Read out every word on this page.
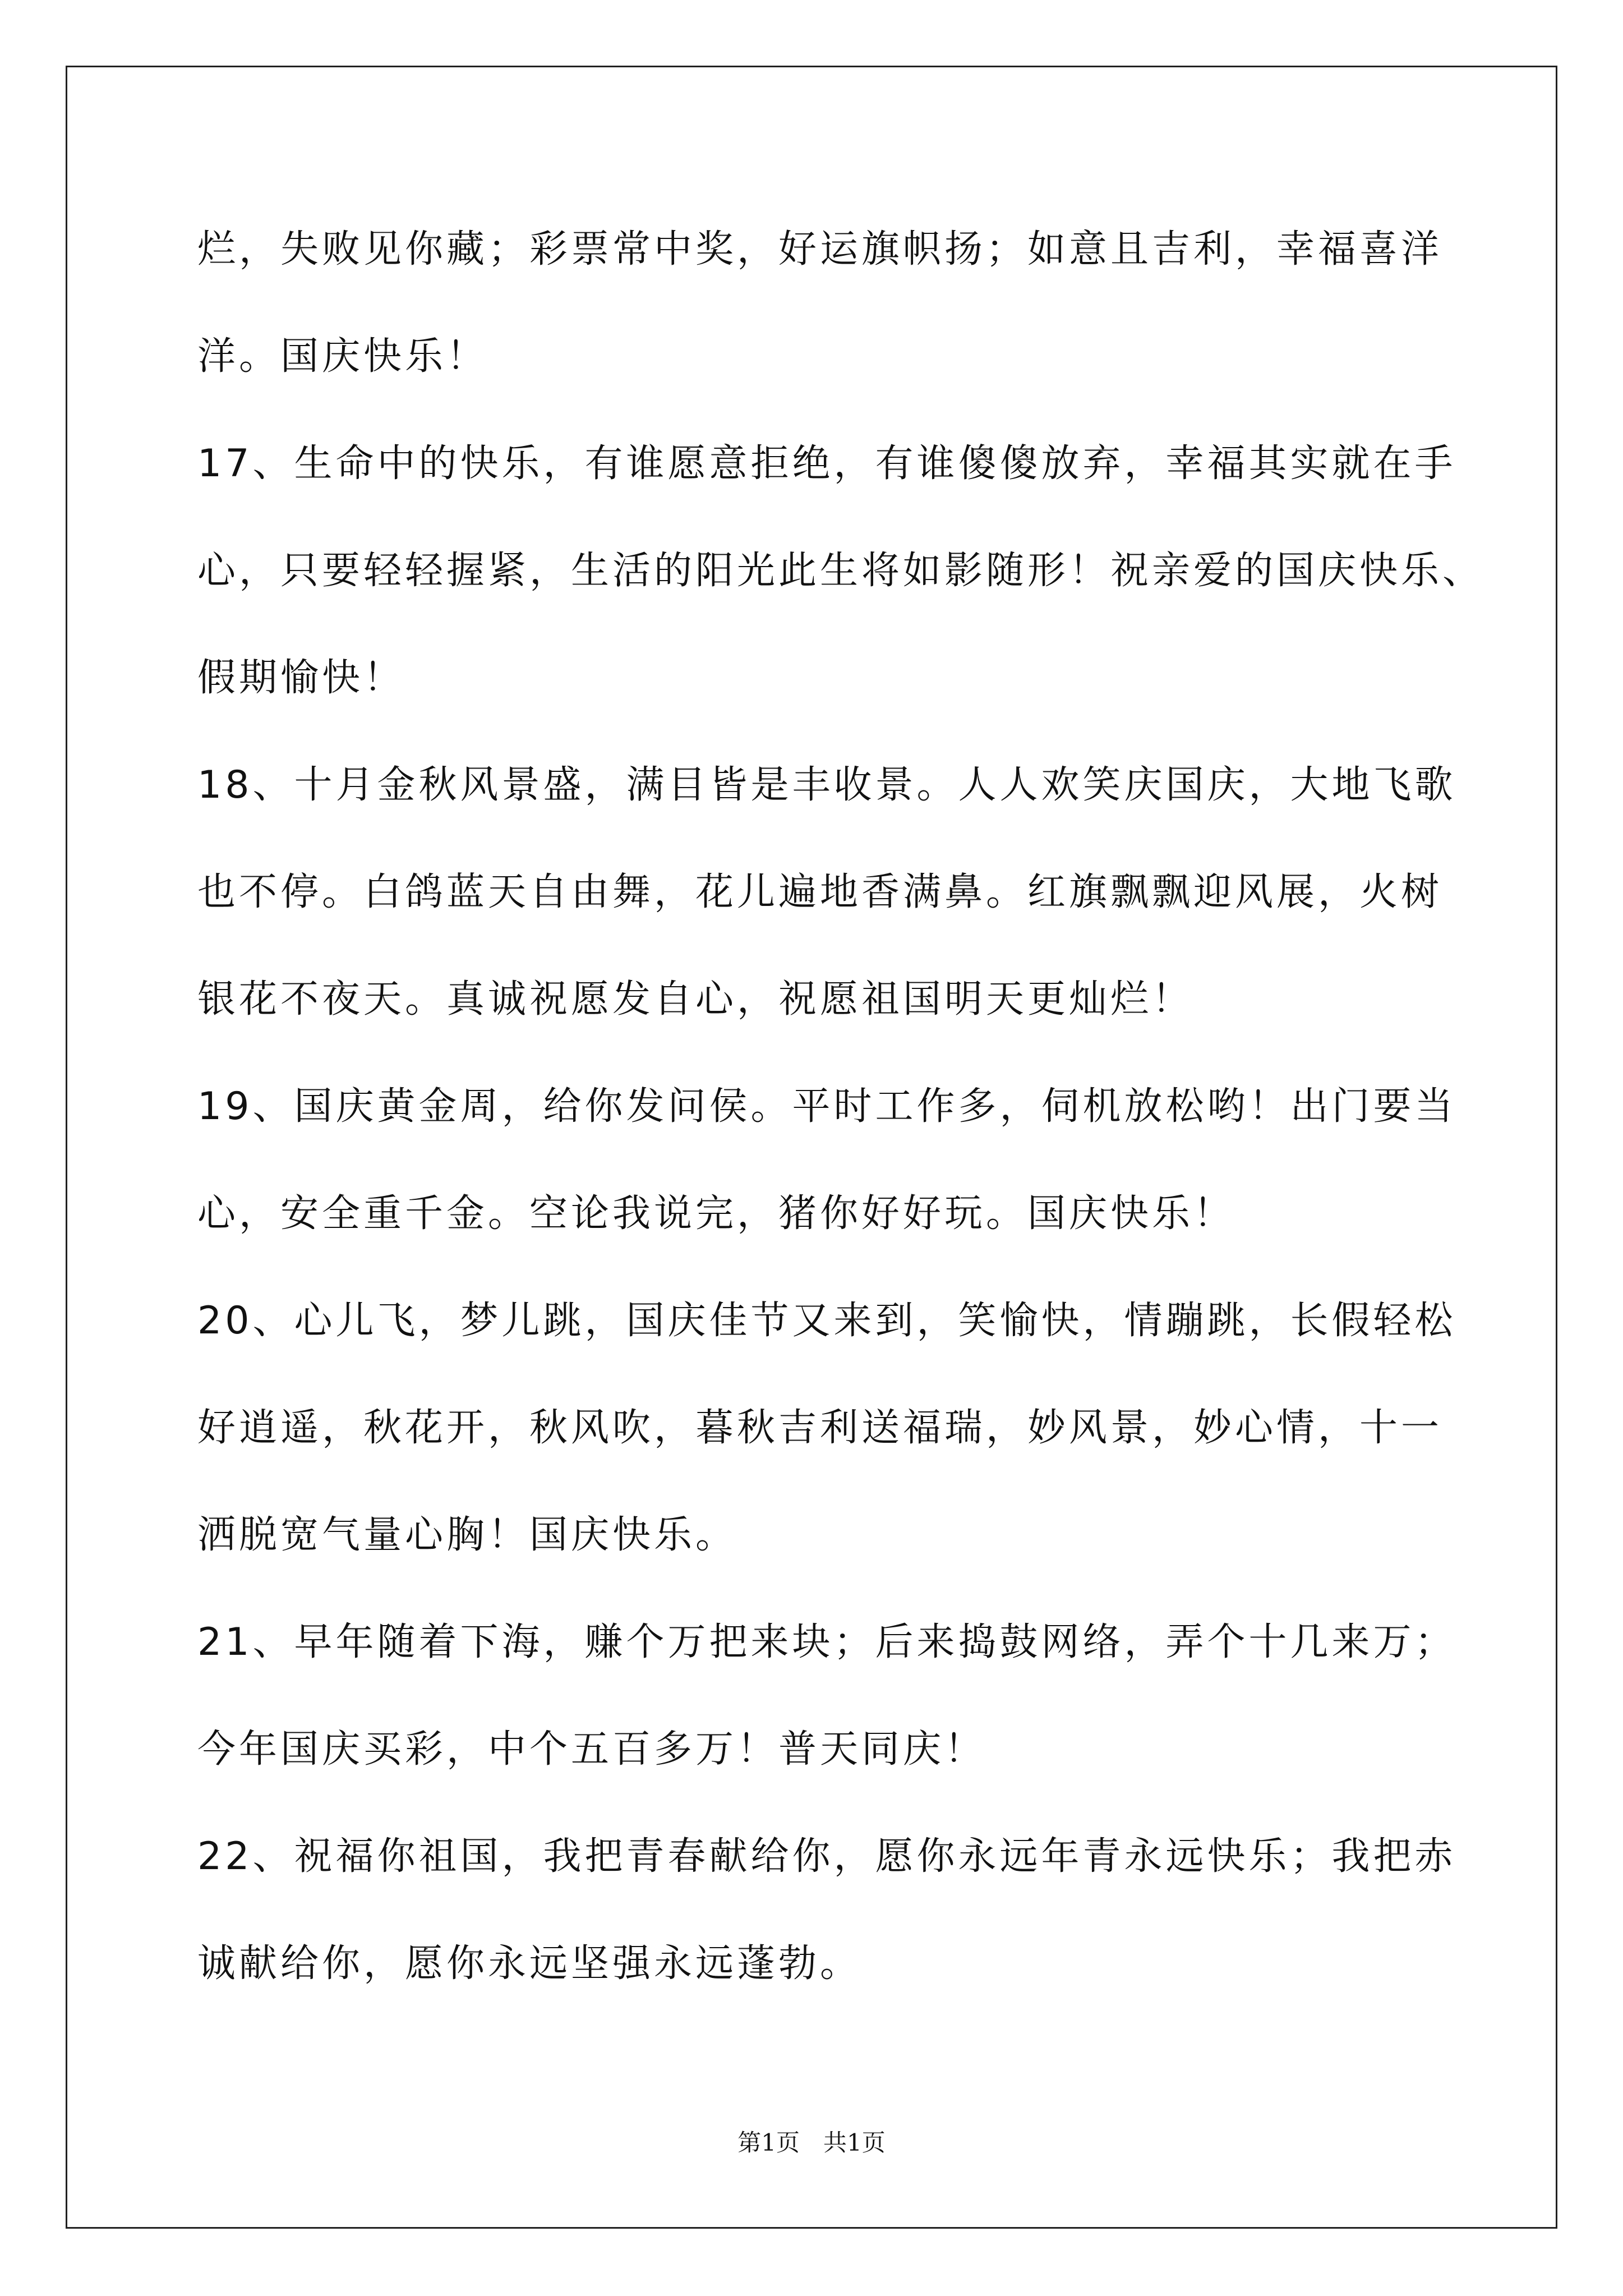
烂，失败见你藏；彩票常中奖，好运旗帜扬；如意且吉利，幸福喜洋
洋。国庆快乐！
17、生命中的快乐，有谁愿意拒绝，有谁傻傻放弃，幸福其实就在手
心，只要轻轻握紧，生活的阳光此生将如影随形！祝亲爱的国庆快乐、
假期愉快！
18、十月金秋风景盛，满目皆是丰收景。人人欢笑庆国庆，大地飞歌
也不停。白鸽蓝天自由舞，花儿遍地香满鼻。红旗飘飘迎风展，火树
银花不夜天。真诚祝愿发自心，祝愿祖国明天更灿烂！
19、国庆黄金周，给你发问侯。平时工作多，伺机放松哟！出门要当
心，安全重千金。空论我说完，猪你好好玩。国庆快乐！
20、心儿飞，梦儿跳，国庆佳节又来到，笑愉快，情蹦跳，长假轻松
好逍遥，秋花开，秋风吹，暮秋吉利送福瑞，妙风景，妙心情，十一
洒脱宽气量心胸！国庆快乐。
21、早年随着下海，赚个万把来块；后来捣鼓网络，弄个十几来万；
今年国庆买彩，中个五百多万！普天同庆！
22、祝福你祖国，我把青春献给你，愿你永远年青永远快乐；我把赤
诚献给你，愿你永远坚强永远蓬勃。
第1页　共1页
